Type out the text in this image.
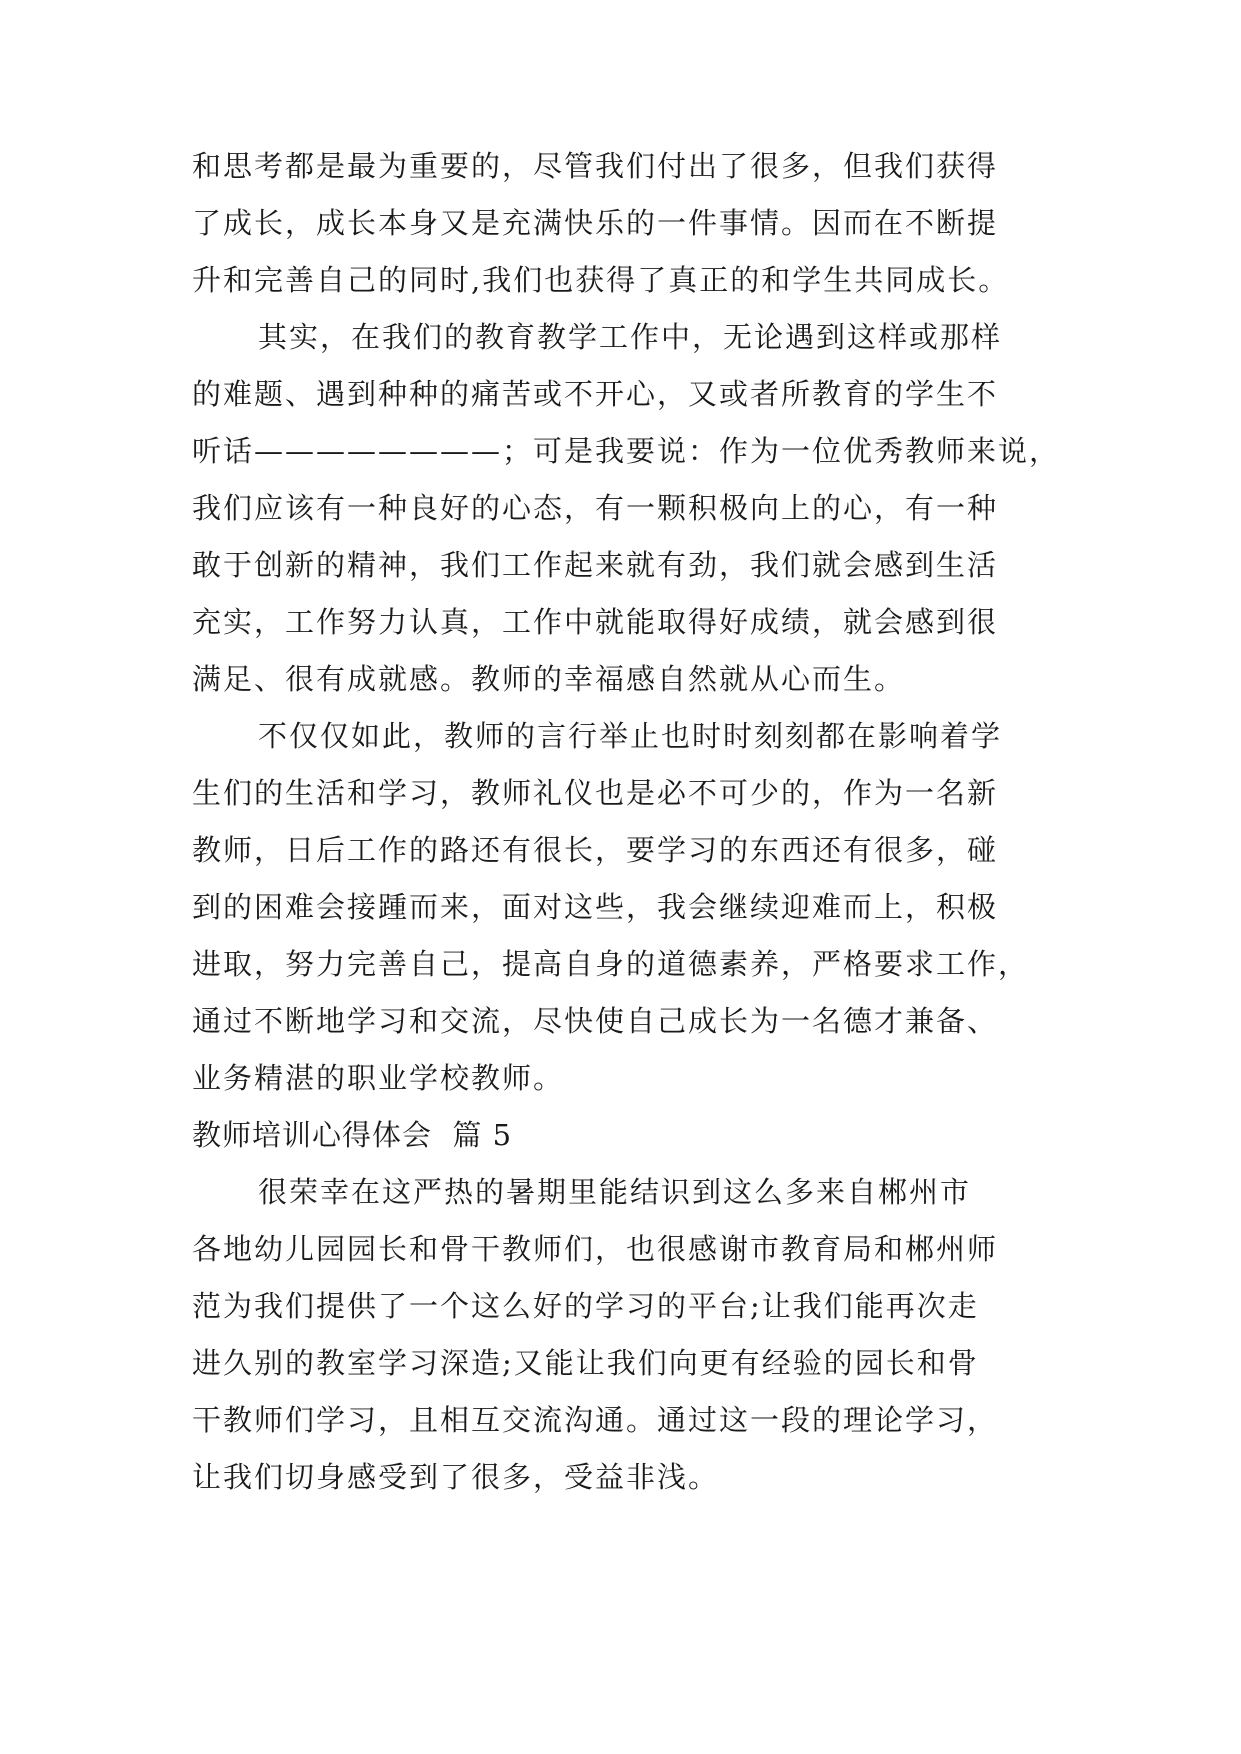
和思考都是最为重要的，尽管我们付出了很多，但我们获得
了成长，成长本身又是充满快乐的一件事情。因而在不断提
升和完善自己的同时,我们也获得了真正的和学生共同成长。
其实，在我们的教育教学工作中，无论遇到这样或那样
的难题、遇到种种的痛苦或不开心，又或者所教育的学生不
听话————————；可是我要说：作为一位优秀教师来说，
我们应该有一种良好的心态，有一颗积极向上的心，有一种
敢于创新的精神，我们工作起来就有劲，我们就会感到生活
充实，工作努力认真，工作中就能取得好成绩，就会感到很
满足、很有成就感。教师的幸福感自然就从心而生。
不仅仅如此，教师的言行举止也时时刻刻都在影响着学
生们的生活和学习，教师礼仪也是必不可少的，作为一名新
教师，日后工作的路还有很长，要学习的东西还有很多，碰
到的困难会接踵而来，面对这些，我会继续迎难而上，积极
进取，努力完善自己，提高自身的道德素养，严格要求工作，
通过不断地学习和交流，尽快使自己成长为一名德才兼备、
业务精湛的职业学校教师。
教师培训心得体会  篇 5
很荣幸在这严热的暑期里能结识到这么多来自郴州市
各地幼儿园园长和骨干教师们，也很感谢市教育局和郴州师
范为我们提供了一个这么好的学习的平台;让我们能再次走
进久别的教室学习深造;又能让我们向更有经验的园长和骨
干教师们学习，且相互交流沟通。通过这一段的理论学习，
让我们切身感受到了很多，受益非浅。
